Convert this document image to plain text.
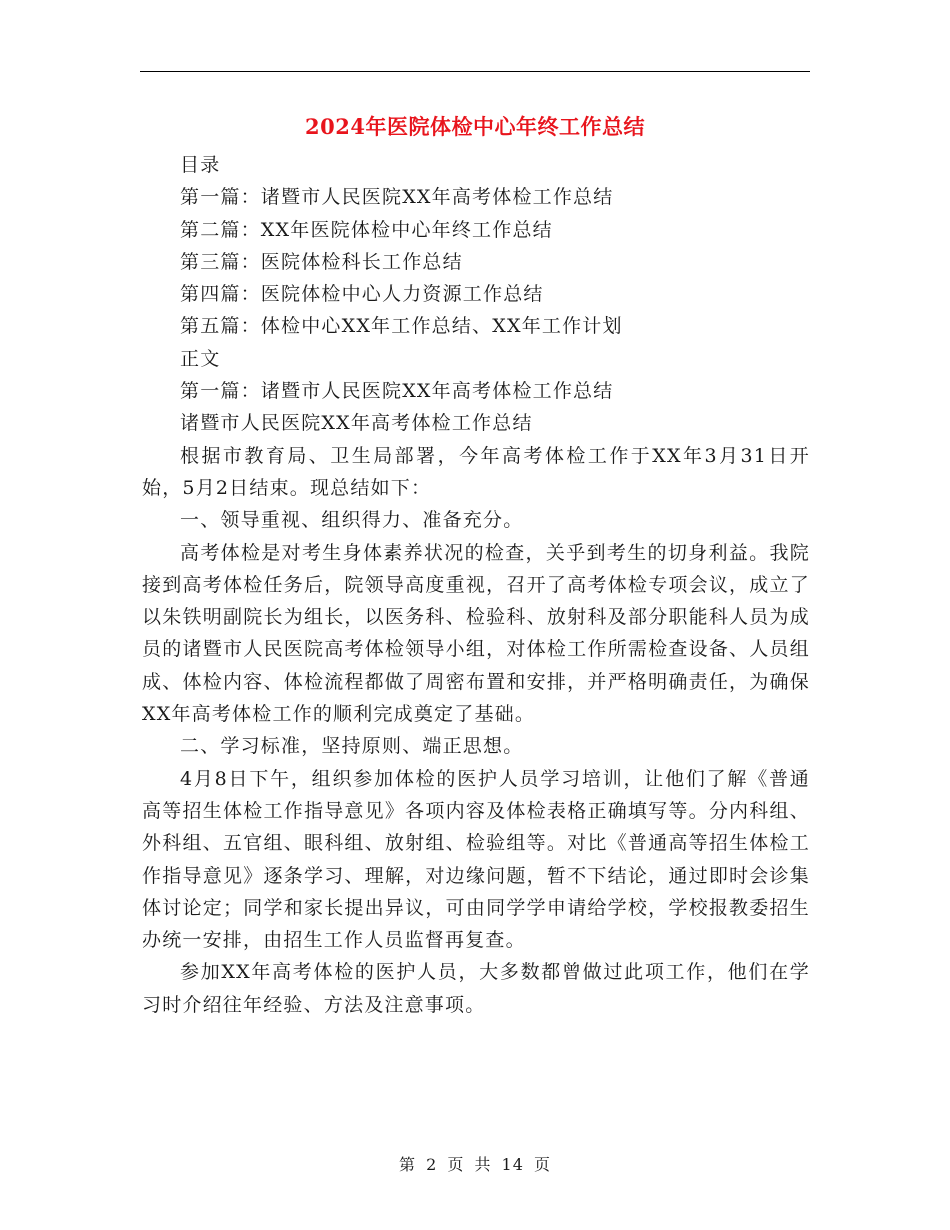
2024年医院体检中心年终工作总结

目录

第一篇：诸暨市人民医院XX年高考体检工作总结

第二篇：XX年医院体检中心年终工作总结

第三篇：医院体检科长工作总结

第四篇：医院体检中心人力资源工作总结

第五篇：体检中心XX年工作总结、XX年工作计划

正文

第一篇：诸暨市人民医院XX年高考体检工作总结

诸暨市人民医院XX年高考体检工作总结

根据市教育局、卫生局部署，今年高考体检工作于XX年3月31日开始，5月2日结束。现总结如下：

一、领导重视、组织得力、准备充分。

高考体检是对考生身体素养状况的检查，关乎到考生的切身利益。我院接到高考体检任务后，院领导高度重视，召开了高考体检专项会议，成立了以朱铁明副院长为组长，以医务科、检验科、放射科及部分职能科人员为成员的诸暨市人民医院高考体检领导小组，对体检工作所需检查设备、人员组成、体检内容、体检流程都做了周密布置和安排，并严格明确责任，为确保XX年高考体检工作的顺利完成奠定了基础。

二、学习标准，坚持原则、端正思想。

4月8日下午，组织参加体检的医护人员学习培训，让他们了解《普通高等招生体检工作指导意见》各项内容及体检表格正确填写等。分内科组、外科组、五官组、眼科组、放射组、检验组等。对比《普通高等招生体检工作指导意见》逐条学习、理解，对边缘问题，暂不下结论，通过即时会诊集体讨论定；同学和家长提出异议，可由同学学申请给学校，学校报教委招生办统一安排，由招生工作人员监督再复查。

参加XX年高考体检的医护人员，大多数都曾做过此项工作，他们在学习时介绍往年经验、方法及注意事项。

第 2 页 共 14 页
